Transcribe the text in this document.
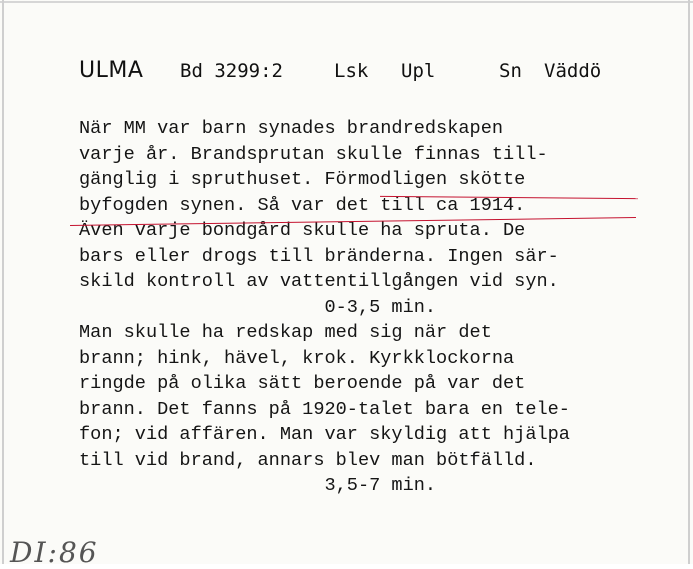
ULMA Bd 3299:2	Lsk Upl	Sn Väddö
När MM var barn synades brandredskapen
varje år. Brandsprutan skulle finnas till-
gänglig i spruthuset. Förmodligen skötte
byfogden synen. Så var det till ca 1914.
Även varje bondgård skulle ha spruta. De
bars eller drogs till bränderna. Ingen sär-
skild kontroll av vattentillgången vid syn.
0-3,5 min.
Man skulle ha redskap med sig när det
brann; hink, hävel, krok. Kyrkklockorna
ringde på olika sätt beroende på var det
brann. Det fanns på 1920-talet bara en tele-
fon; vid affären. Man var skyldig att hjälpa
till vid brand, annars blev man bötfälld.
3,5-7 min.
DI:86
